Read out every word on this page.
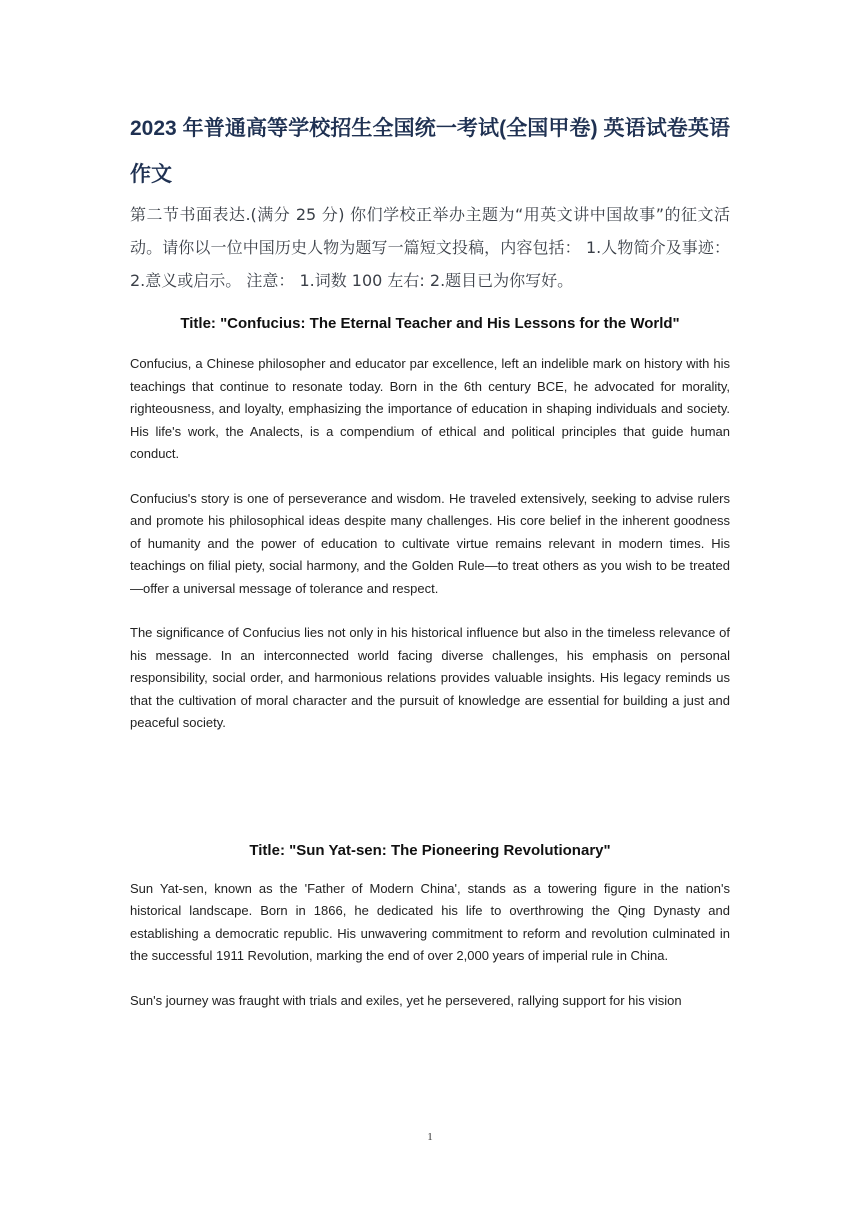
2023 年普通高等学校招生全国统一考试(全国甲卷) 英语试卷英语作文

第二节书面表达.(满分 25 分) 你们学校正举办主题为“用英文讲中国故事”的征文活动。请你以一位中国历史人物为题写一篇短文投稿，内容包括： 1.人物简介及事迹： 2.意义或启示。 注意： 1.词数 100 左右: 2.题目已为你写好。

Title: "Confucius: The Eternal Teacher and His Lessons for the World"

Confucius, a Chinese philosopher and educator par excellence, left an indelible mark on history with his teachings that continue to resonate today. Born in the 6th century BCE, he advocated for morality, righteousness, and loyalty, emphasizing the importance of education in shaping individuals and society. His life's work, the Analects, is a compendium of ethical and political principles that guide human conduct.

Confucius's story is one of perseverance and wisdom. He traveled extensively, seeking to advise rulers and promote his philosophical ideas despite many challenges. His core belief in the inherent goodness of humanity and the power of education to cultivate virtue remains relevant in modern times. His teachings on filial piety, social harmony, and the Golden Rule—to treat others as you wish to be treated—offer a universal message of tolerance and respect.

The significance of Confucius lies not only in his historical influence but also in the timeless relevance of his message. In an interconnected world facing diverse challenges, his emphasis on personal responsibility, social order, and harmonious relations provides valuable insights. His legacy reminds us that the cultivation of moral character and the pursuit of knowledge are essential for building a just and peaceful society.

Title: "Sun Yat-sen: The Pioneering Revolutionary"

Sun Yat-sen, known as the 'Father of Modern China', stands as a towering figure in the nation's historical landscape. Born in 1866, he dedicated his life to overthrowing the Qing Dynasty and establishing a democratic republic. His unwavering commitment to reform and revolution culminated in the successful 1911 Revolution, marking the end of over 2,000 years of imperial rule in China.

Sun's journey was fraught with trials and exiles, yet he persevered, rallying support for his vision

1
